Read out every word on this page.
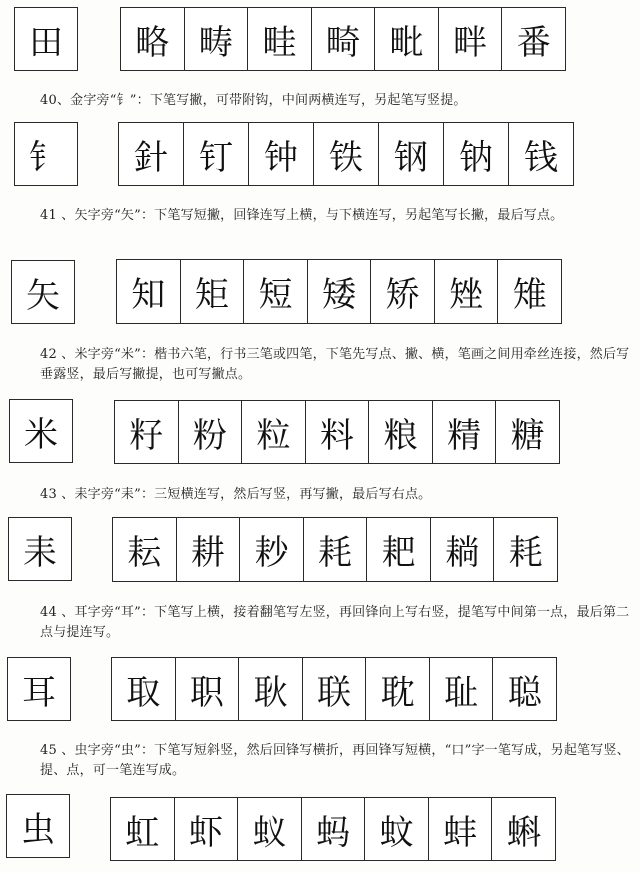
田	略 畴 畦 畸 毗 畔 番
40、金字旁“钅”：下笔写撇，可带附钩，中间两横连写，另起笔写竖提。
钅	針 钉 钟 铁 钢 钠 钱
41 、矢字旁“矢”：下笔写短撇，回锋连写上横，与下横连写，另起笔写长撇，最后写点。
矢	知 矩 短 矮 矫 矬 雉
42 、米字旁“米”：楷书六笔，行书三笔或四笔，下笔先写点、撇、横，笔画之间用牵丝连接，然后写垂露竖，最后写撇提，也可写撇点。
米	籽 粉 粒 料 粮 精 糖
43 、耒字旁“耒”：三短横连写，然后写竖，再写撇，最后写右点。
耒	耘 耕 耖 耗 耙 耥 耗
44 、耳字旁“耳”：下笔写上横，接着翻笔写左竖，再回锋向上写右竖，提笔写中间第一点，最后第二点与提连写。
耳	取 职 耿 联 耽 耻 聪
45 、虫字旁“虫”：下笔写短斜竖，然后回锋写横折，再回锋写短横，“口”字一笔写成，另起笔写竖、提、点，可一笔连写成。
虫	虹 虾 蚁 蚂 蚊 蚌 蝌
